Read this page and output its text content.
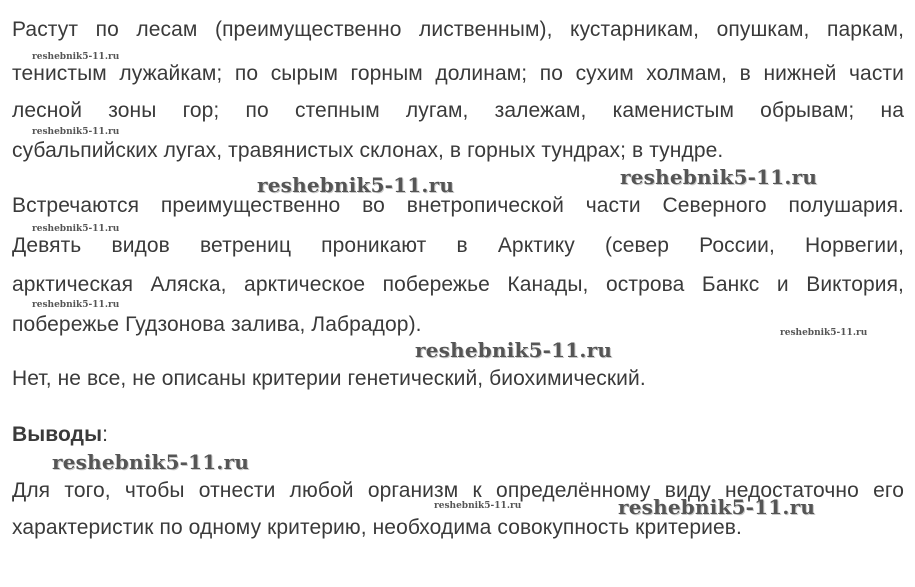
Растут по лесам (преимущественно лиственным), кустарникам, опушкам, паркам,
тенистым лужайкам; по сырым горным долинам; по сухим холмам, в нижней части
лесной зоны гор; по степным лугам, залежам, каменистым обрывам; на
субальпийских лугах, травянистых склонах, в горных тундрах; в тундре.
Встречаются преимущественно во внетропической части Северного полушария.
Девять видов ветрениц проникают в Арктику (север России, Норвегии,
арктическая Аляска, арктическое побережье Канады, острова Банкс и Виктория,
побережье Гудзонова залива, Лабрадор).
Нет, не все, не описаны критерии генетический, биохимический.
Выводы:
Для того, чтобы отнести любой организм к определённому виду недостаточно его
характеристик по одному критерию, необходима совокупность критериев.
reshebnik5-11.ru
reshebnik5-11.ru
reshebnik5-11.ru
reshebnik5-11.ru
reshebnik5-11.ru
reshebnik5-11.ru
reshebnik5-11.ru	reshebnik5-11.ru
reshebnik5-11.ru
reshebnik5-11.ru
reshebnik5-11.ru
